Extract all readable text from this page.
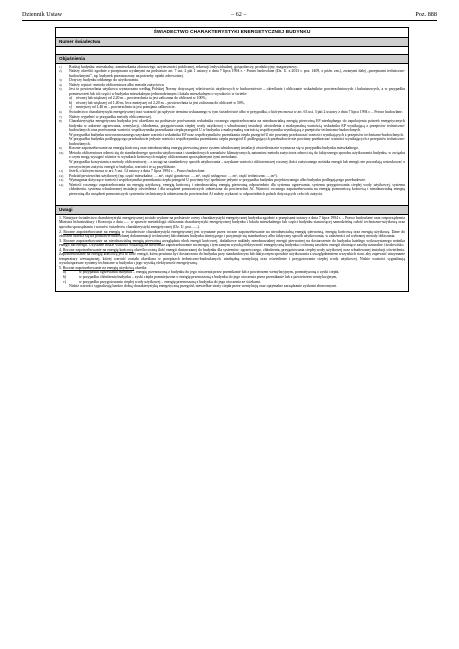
Dziennik Ustaw	– 62 –	Poz. 888
ŚWIADECTWO CHARAKTERYSTYKI ENERGETYCZNEJ BUDYNKU
Numer świadectwa
Objaśnienia
1)	Rodzaj budynku: mieszkalny, zamieszkania zbiorowego, użyteczności publicznej, rekreacji indywidualnej, gospodarczy, produkcyjny, magazynowy.
2)	Należy określić zgodnie z przepisami wydanymi na podstawie art. 7 ust. 2 pkt 1 ustawy z dnia 7 lipca 1994 r. - Prawo budowlane (Dz. U. z 2013 r. poz. 1409, z późn. zm.), zwanymi dalej „przepisami techniczno-budowlanymi”, np. budynek przeznaczony na potrzeby opieki zdrowotnej.
3)	Dotyczy budynku oddanego do użytkowania.
4)	Należy wpisać: metoda obliczeniowa albo metoda zużyciowa.
5)	Jest to powierzchnia użytkowa wyznaczana według Polskiej Normy dotyczącej właściwości użytkowych w budownictwie – określanie i obliczanie wskaźników powierzchniowych i kubaturowych, a w przypadku pomieszczeń lub ich części w budynku mieszkalnym jednorodzinnym i lokalu mieszkalnym o wysokości w świetle:
a)	równej lub większej od 2,20 m – powierzchnia ta jest zaliczana do obliczeń w 100%,
b) równej lub większej od 1,40 m, lecz mniejszej od 2,20 m – powierzchnia ta jest zaliczana do obliczeń w 50%,
c)	mniejszej od 1,40 m – powierzchnia ta jest pomijana całkowicie.
6)	Świadectwo charakterystyki energetycznej traci ważność po upływie terminu wskazanego w tym świadectwie albo w przypadku, o którym mowa w art. 63 ust. 3 pkt 2 ustawy z dnia 7 lipca 1994 r. – Prawo budowlane.
7)	Należy wypełnić w przypadku metody obliczeniowej.
8)	Charakterystyka energetyczna budynku jest określana na podstawie porównania wskaźnika rocznego zapotrzebowania na nieodnawialną energię pierwotną EP niezbędnego do zapokojenia potrzeb energetycznych budynku w zakresie ogrzewania, wentylacji, chłodzenia, przygotowania ciepłej wody użytkowej i wbudowanej instalacji oświetlenia z maksymalną wartością wskaźnika EP wynikającą z przepisów techniczno-budowlanych oraz porównania wartości współczynnika przenikania ciepła przegród U w budynku z maksymalną wartością współczynnika wynikającą z przepisów techniczno-budowlanych.
W przypadku budynku nowowznoszonego uzyskane wartości wskaźnika EP oraz współczynników przenikania ciepła przegród U nie powinny przekraczać wartości wynikających z przepisów techniczno-budowlanych.
W przypadku budynku podlegającego przebudowie jedynie wartości współczynnika przenikania ciepła przegród U podlegających przebudowie nie powinny przekraczać wartości wynikających z przepisów techniczno-budowlanych.
9)	Roczne zapotrzebowanie na energię końcową oraz nieodnawialną energię pierwotną przez system wbudowanej instalacji oświetlenia nie wyznacza się w przypadku budynku mieszkalnego.
10)	Metoda obliczeniowa odnosi się do standardowego sposobu użytkowania i standardowych warunków klimatycznych, natomiast metoda zużyciowa odnosi się do faktycznego sposobu użytkowania budynku, w związku z czym mogą wystąpić różnice w wynikach końcowych między obliczeniami sporządzonymi tymi metodami.
W przypadku korzystania z metody obliczeniowej – z uwagi na standardowy sposób użytkowania – uzyskane wartości obliczeniowej rocznej ilości zużywanego nośnika energii lub energii nie pozwalają wnioskować o rzeczywistym zużyciu energii w budynku, wartości te są przybliżone.
11)	Jeżeli, o którym mowa w art. 5 ust. 14 ustawy z dnia 7 lipca 1994 r. – Prawo budowlane.
12)	Podział powierzchni użytkowej (np. część mieszkalna: .....m², część garażowa: .....m², część usługowa: .....m², część techniczna: .....m²).
13)	Wymagania dotyczące wartości współczynnika przenikania ciepła przegród U powinny być spełnione jedynie w przypadku budynku projektowanego albo budynku podlegającego przebudowie.
14)	Wartość rocznego zapotrzebowania na energię użytkową, energię końcową i nieodnawialną energię pierwotną odpowiednio dla systemu ogrzewania, systemu przygotowania ciepłej wody użytkowej, systemu chłodzenia, systemu wbudowanej instalacji oświetlenia i dla urządzeń pomocniczych odniesiona do powierzchni Af. Wartości rocznego zapotrzebowania na energię pomocniczą końcową i nieodnawialną energię pierwotną dla urządzeń pomocniczych systemów technicznych odniesiona do powierzchni Af należy wykazać w odpowiednich polach dotyczących celu ich zużycia.
Uwagi
1. Niniejsze świadectwo charakterystyki energetycznej zostało wydane na podstawie oceny charakterystyki energetycznej budynku zgodnie z przepisami ustawy z dnia 7 lipca 1994 r. – Prawo budowlane oraz rozporządzenia Ministra Infrastruktury i Rozwoju z dnia....... w sprawie metodologii obliczania charakterystyki energetycznej budynku i lokalu mieszkalnego lub części budynku stanowiącej samodzielną całość techniczno-użytkową oraz sposobu sporządzania i wzorów świadectw charakterystyki energetycznej (Dz. U. poz.......).
2. Roczne zapotrzebowanie na energię w świadectwie charakterystyki energetycznej jest wyrażane przez roczne zapotrzebowanie na nieodnawialną energię pierwotną, energię końcową oraz energię użytkową. Dane do obliczeń określa się na podstawie budowlanej dokumentacji technicznej lub obmiaru budynku istniejącego i przyjmuje się standardowy albo faktyczny sposób użytkowania, w zależności od wybranej metody obliczania.
3. Roczne zapotrzebowanie na nieodnawialną energię pierwotną uwzględnia obok energii końcowej, dodatkowe nakłady nieodnawialnej energii pierwotnej na dostarczenie do budynku każdego wykorzystanego nośnika energii lub energii. Uzyskane niskie wartości wskazują na niewielkie zapotrzebowanie na energię i tym samym wysoką efektywność energetyczną budynku i ochronę zasobów energii chroniące zasoby naturalne i środowisko.
4. Roczne zapotrzebowanie na energię końcową określa roczną ilość energii dostarczanej do budynku dla systemów: ogrzewczego, chłodzenia, przygotowania ciepłej wody użytkowej oraz wbudowanej instalacji oświetlenia. Zapotrzebowanie na energię końcową jest to ilość energii, która powinna być dostarczona do budynku przy standardowym lub faktycznym sposobie użytkowania z uwzględnieniem wszystkich strat, aby zapewnić utrzymanie temperatury wewnętrznej, której wartość została określona w przepisach techniczno-budowlanych, niezbędną wentylację oraz oświetlenie i przygotowanie ciepłej wody użytkowej. Niskie wartości sygnalizują wysokosprawne systemy techniczne w budynku i jego wysoką efektywność energetyczną.
5. Roczne zapotrzebowanie na energię użytkową określa:
a)	w przypadku ogrzewania budynku – energię przenoszoną z budynku do jego otoczenia przez przenikanie lub z powietrzem wentylacyjnym, pomniejszoną o zyski ciepła,
b)	w przypadku chłodzenia budynku – zyski ciepła pomniejszone o energię przenoszoną z budynku do jego otoczenia przez przenikanie lub z powietrzem wentylacyjnym,
c)	w przypadku przygotowania ciepłej wody użytkowej – energię przenoszoną z budynku do jego otoczenia ze ściekami.
Niskie wartości sygnalizują bardzo dobrą charakterystykę energetyczną przegród, niewielkie straty ciepła przez wentylację oraz optymalne zarządzanie zyskami słonecznymi.
